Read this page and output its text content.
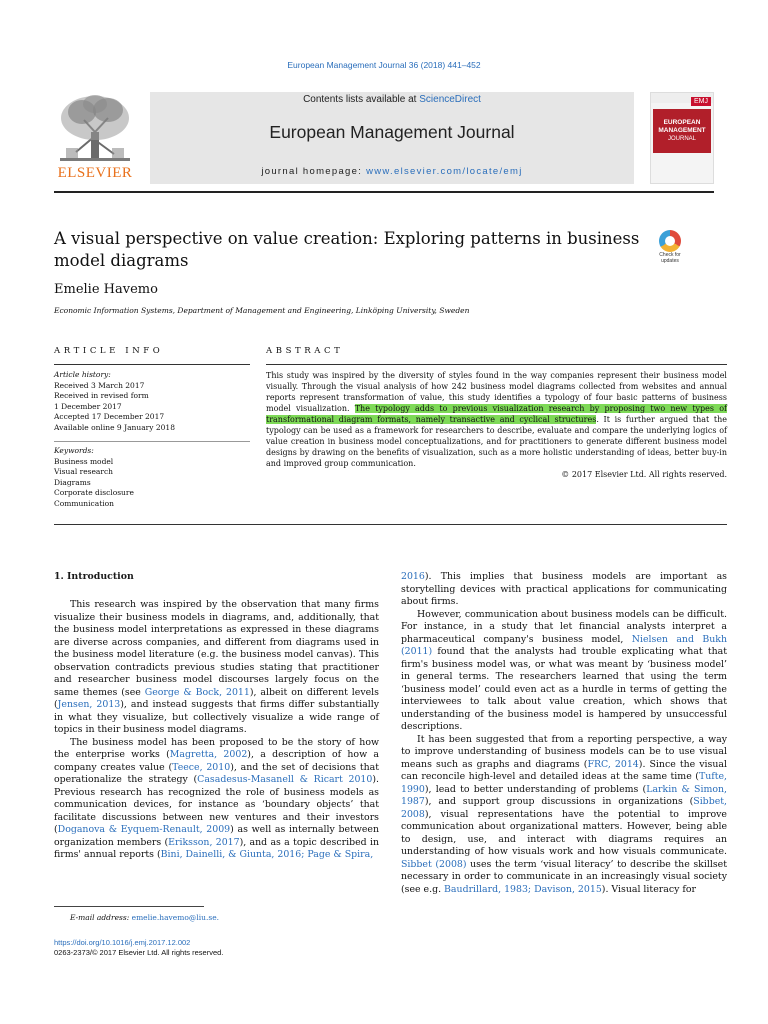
European Management Journal 36 (2018) 441–452
ELSEVIER
Contents lists available at ScienceDirect
European Management Journal
journal homepage: www.elsevier.com/locate/emj
EMJ
EUROPEAN
MANAGEMENT
JOURNAL
A visual perspective on value creation: Exploring patterns in business model diagrams	Check for updates
Emelie Havemo
Economic Information Systems, Department of Management and Engineering, Linköping University, Sweden
ARTICLE INFO	ABSTRACT
Article history:
Received 3 March 2017
Received in revised form
1 December 2017
Accepted 17 December 2017
Available online 9 January 2018
Keywords:
Business model
Visual research
Diagrams
Corporate disclosure
Communication
This study was inspired by the diversity of styles found in the way companies represent their business model visually. Through the visual analysis of how 242 business model diagrams collected from websites and annual reports represent transformation of value, this study identifies a typology of four basic patterns of business model visualization. The typology adds to previous visualization research by proposing two new types of transformational diagram formats, namely transactive and cyclical structures. It is further argued that the typology can be used as a framework for researchers to describe, evaluate and compare the underlying logics of value creation in business model conceptualizations, and for practitioners to generate different business model designs by drawing on the benefits of visualization, such as a more holistic understanding of ideas, better buy-in and improved group communication.
© 2017 Elsevier Ltd. All rights reserved.
1. Introduction

This research was inspired by the observation that many firms visualize their business models in diagrams, and, additionally, that the business model interpretations as expressed in these diagrams are diverse across companies, and different from diagrams used in the business model literature (e.g. the business model canvas). This observation contradicts previous studies stating that practitioner and researcher business model discourses largely focus on the same themes (see George & Bock, 2011), albeit on different levels (Jensen, 2013), and instead suggests that firms differ substantially in what they visualize, but collectively visualize a wide range of topics in their business model diagrams.

The business model has been proposed to be the story of how the enterprise works (Magretta, 2002), a description of how a company creates value (Teece, 2010), and the set of decisions that operationalize the strategy (Casadesus-Masanell & Ricart 2010). Previous research has recognized the role of business models as communication devices, for instance as ‘boundary objects’ that facilitate discussions between new ventures and their investors (Doganova & Eyquem-Renault, 2009) as well as internally between organization members (Eriksson, 2017), and as a topic described in firms' annual reports (Bini, Dainelli, & Giunta, 2016; Page & Spira,

2016). This implies that business models are important as storytelling devices with practical applications for communicating about firms.

However, communication about business models can be difficult. For instance, in a study that let financial analysts interpret a pharmaceutical company's business model, Nielsen and Bukh (2011) found that the analysts had trouble explicating what that firm's business model was, or what was meant by ‘business model’ in general terms. The researchers learned that using the term ‘business model’ could even act as a hurdle in terms of getting the interviewees to talk about value creation, which shows that understanding of the business model is hampered by unsuccessful descriptions.

It has been suggested that from a reporting perspective, a way to improve understanding of business models can be to use visual means such as graphs and diagrams (FRC, 2014). Since the visual can reconcile high-level and detailed ideas at the same time (Tufte, 1990), lead to better understanding of problems (Larkin & Simon, 1987), and support group discussions in organizations (Sibbet, 2008), visual representations have the potential to improve communication about organizational matters. However, being able to design, use, and interact with diagrams requires an understanding of how visuals work and how visuals communicate. Sibbet (2008) uses the term ‘visual literacy’ to describe the skillset necessary in order to communicate in an increasingly visual society (see e.g. Baudrillard, 1983; Davison, 2015). Visual literacy for

E-mail address: emelie.havemo@liu.se.
https://doi.org/10.1016/j.emj.2017.12.002
0263-2373/© 2017 Elsevier Ltd. All rights reserved.
